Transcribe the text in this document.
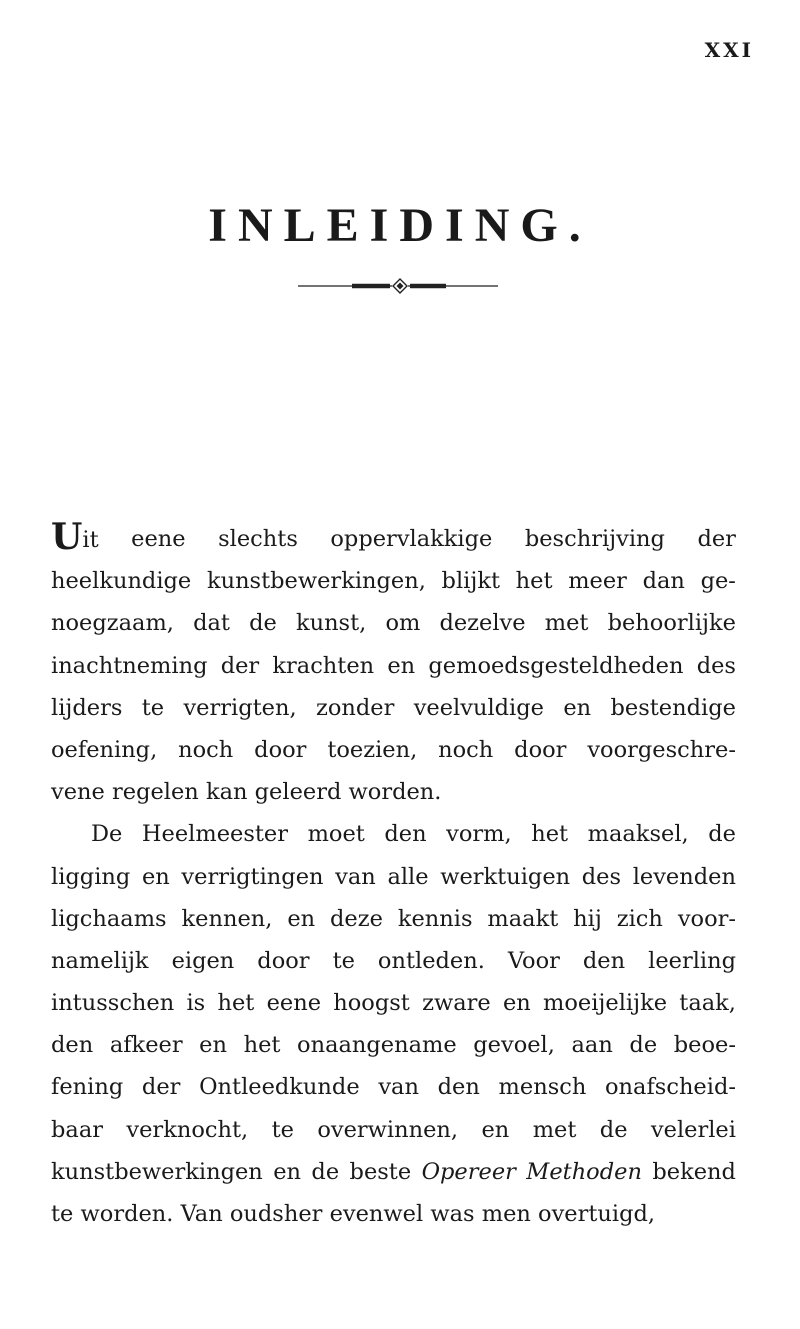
XXI
INLEIDING.
Uit eene slechts oppervlakkige beschrijving der
heelkundige kunstbewerkingen, blijkt het meer dan ge-
noegzaam, dat de kunst, om dezelve met behoorlijke
inachtneming der krachten en gemoedsgesteldheden des
lijders te verrigten, zonder veelvuldige en bestendige
oefening, noch door toezien, noch door voorgeschre-
vene
regelen
kan
geleerd
worden.
De Heelmeester moet den vorm, het maaksel, de
ligging en verrigtingen van alle werktuigen des levenden
ligchaams kennen, en deze kennis maakt hij zich voor-
namelijk eigen door te ontleden. Voor den leerling
intusschen is het eene hoogst zware en moeijelijke taak,
den afkeer en het onaangename gevoel, aan de beoe-
fening der Ontleedkunde van den mensch onafscheid-
baar verknocht, te overwinnen, en met de velerlei
kunstbewerkingen en de beste Opereer Methoden bekend
te
worden.
Van
oudsher
evenwel
was
men
overtuigd,
